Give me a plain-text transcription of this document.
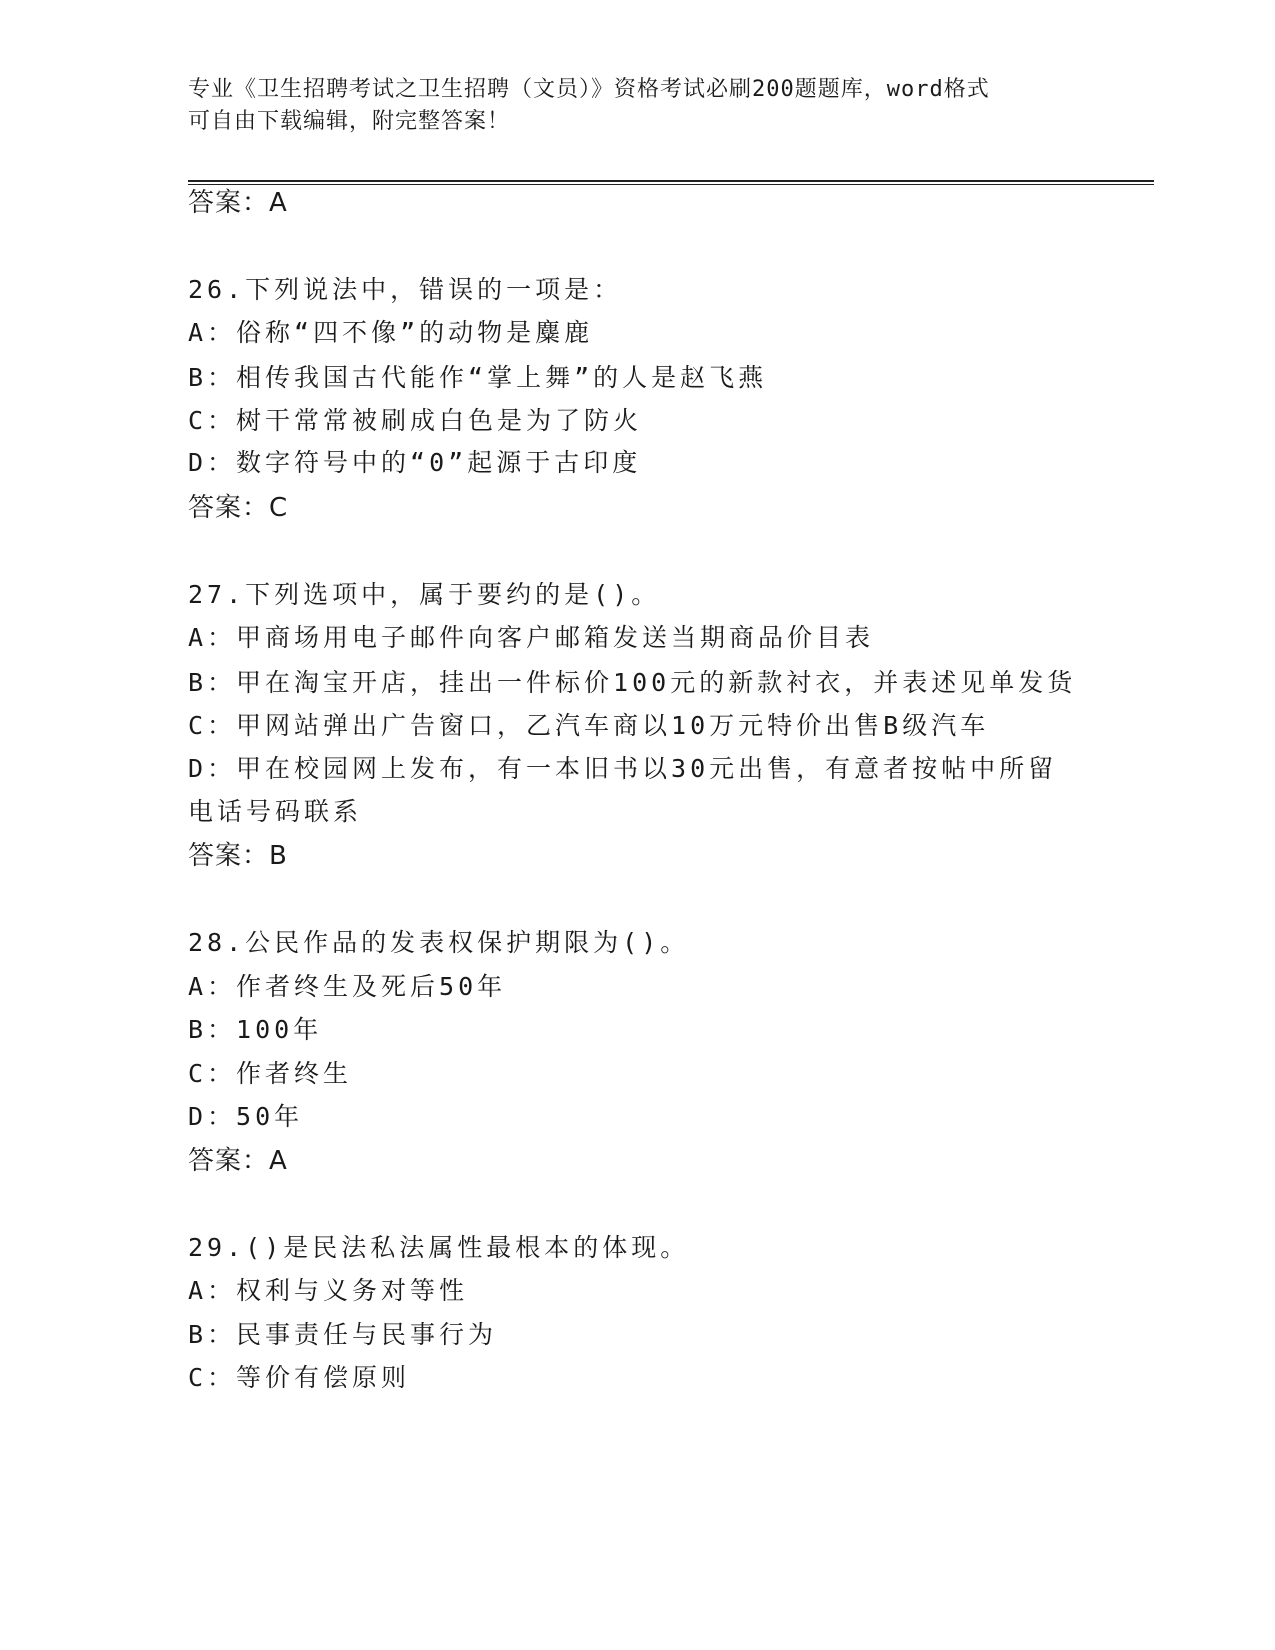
专业《卫生招聘考试之卫生招聘（文员）》资格考试必刷200题题库，word格式
可自由下载编辑，附完整答案！
答案：A
26.下列说法中，错误的一项是：
A：俗称“四不像”的动物是麋鹿
B：相传我国古代能作“掌上舞”的人是赵飞燕
C：树干常常被刷成白色是为了防火
D：数字符号中的“0”起源于古印度
答案：C
27.下列选项中，属于要约的是()。
A：甲商场用电子邮件向客户邮箱发送当期商品价目表
B：甲在淘宝开店，挂出一件标价100元的新款衬衣，并表述见单发货
C：甲网站弹出广告窗口，乙汽车商以10万元特价出售B级汽车
D：甲在校园网上发布，有一本旧书以30元出售，有意者按帖中所留
电话号码联系
答案：B
28.公民作品的发表权保护期限为()。
A：作者终生及死后50年
B：100年
C：作者终生
D：50年
答案：A
29.()是民法私法属性最根本的体现。
A：权利与义务对等性
B：民事责任与民事行为
C：等价有偿原则
